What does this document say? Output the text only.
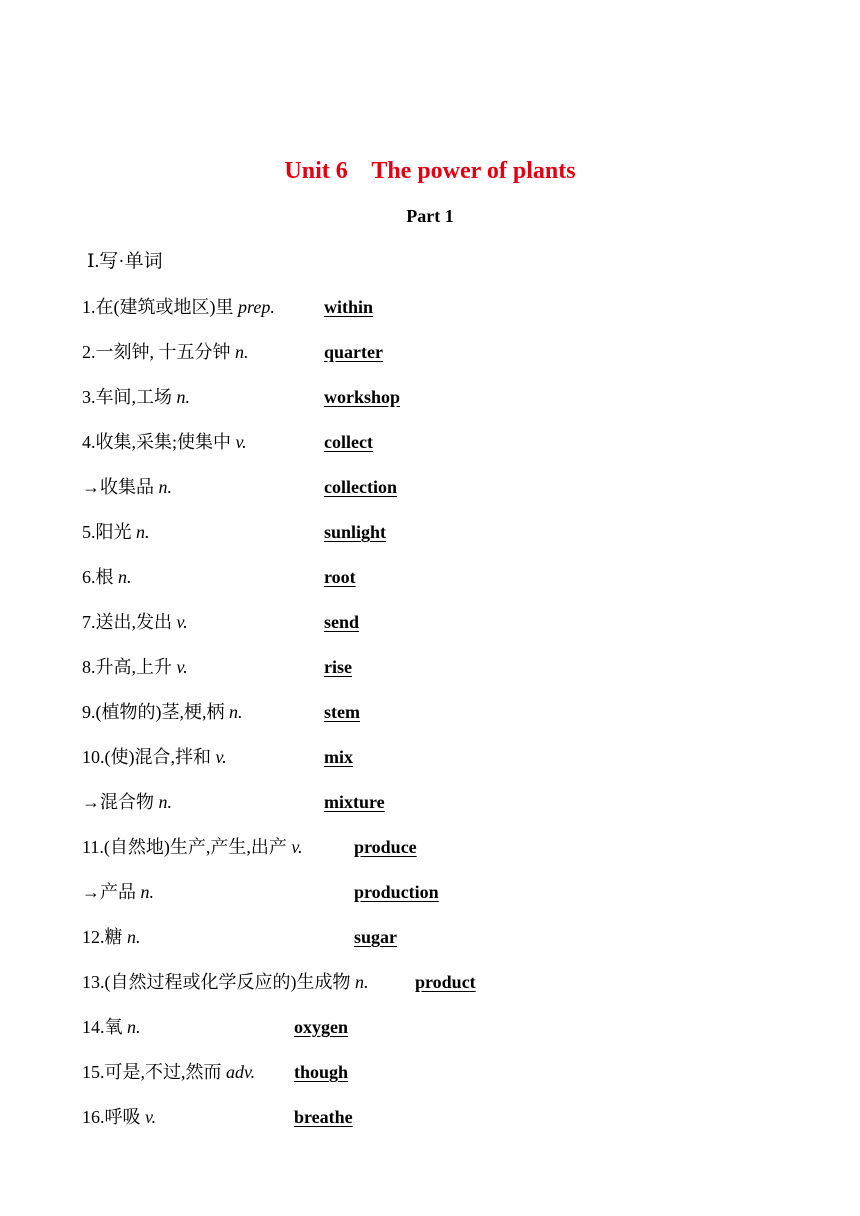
Unit 6    The power of plants
Part 1
Ⅰ.写·单词
1.在(建筑或地区)里 prep.	within
2.一刻钟, 十五分钟 n.	quarter
3.车间,工场 n.	workshop
4.收集,采集;使集中 v.	collect
→收集品 n.	collection
5.阳光 n.	sunlight
6.根 n.	root
7.送出,发出 v.	send
8.升高,上升 v.	rise
9.(植物的)茎,梗,柄 n.	stem
10.(使)混合,拌和 v.	mix
→混合物 n.	mixture
11.(自然地)生产,产生,出产 v.	produce
→产品 n.	production
12.糖 n.	sugar
13.(自然过程或化学反应的)生成物 n.	product
14.氧 n.	oxygen
15.可是,不过,然而 adv. though
16.呼吸 v.	breathe
